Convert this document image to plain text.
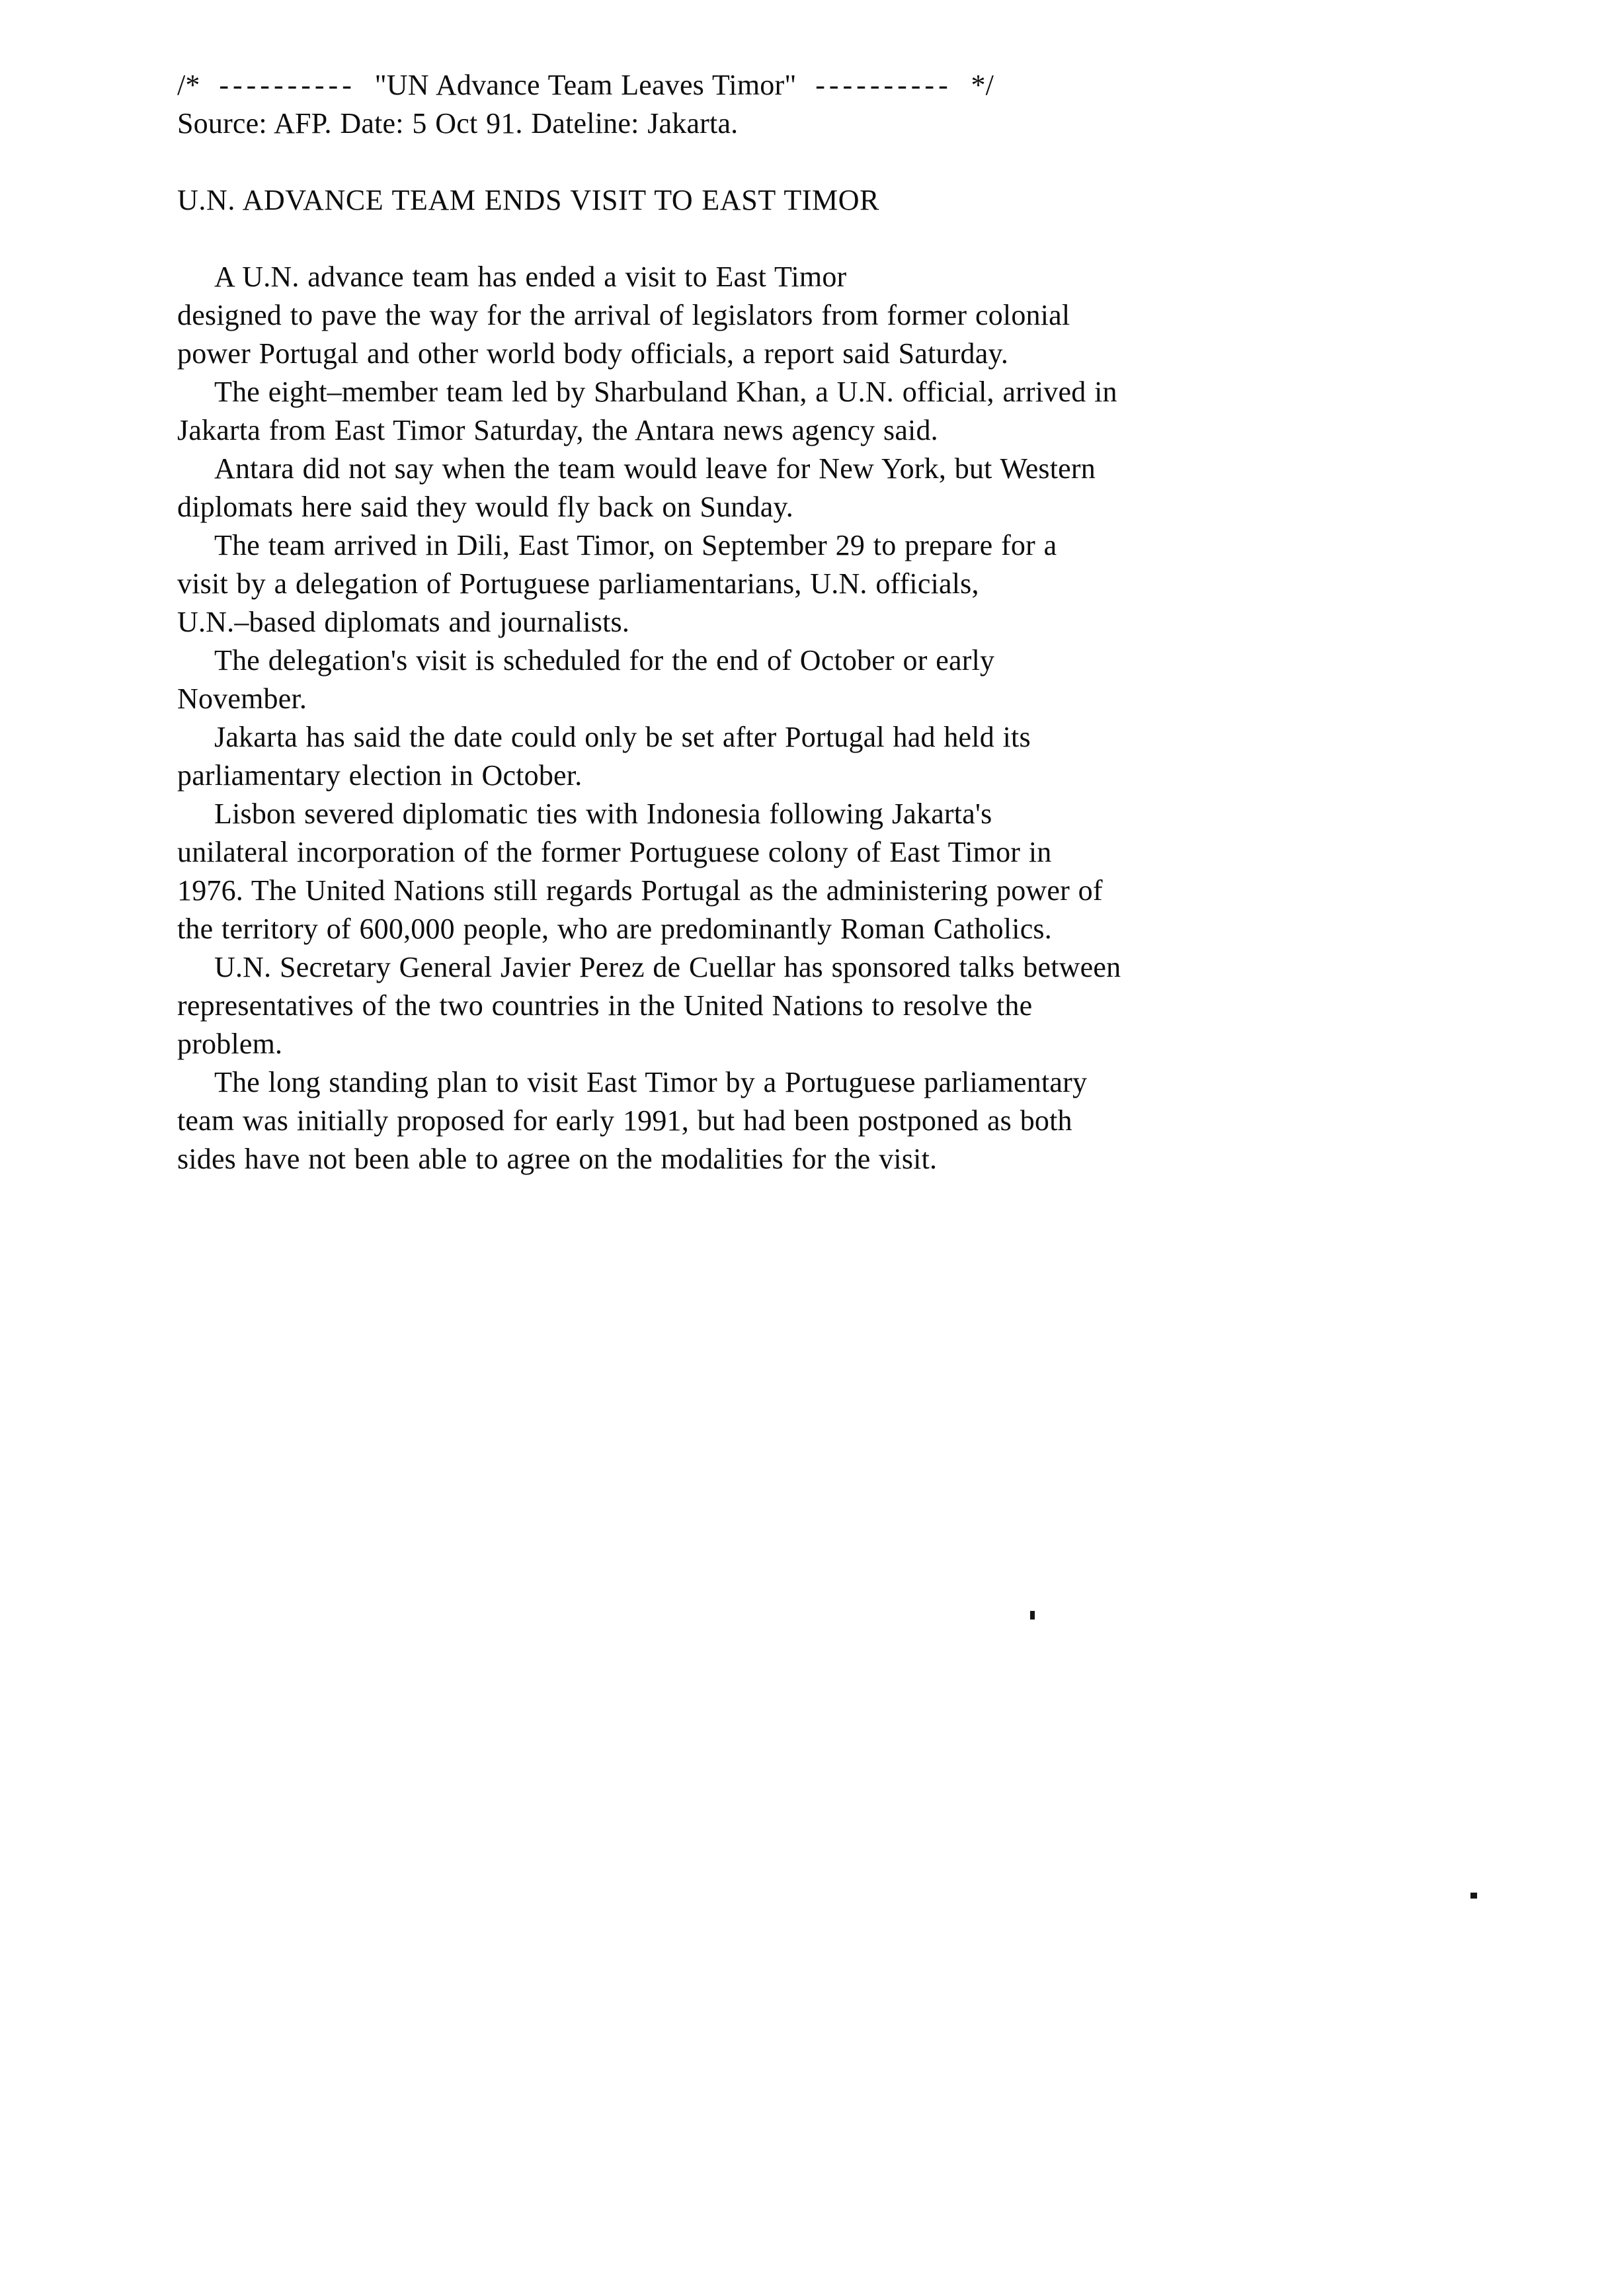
/* ---------- "UN Advance Team Leaves Timor" ---------- */
Source: AFP. Date: 5 Oct 91. Dateline: Jakarta.
U.N. ADVANCE TEAM ENDS VISIT TO EAST TIMOR
A U.N. advance team has ended a visit to East Timor
designed to pave the way for the arrival of legislators from former colonial
power Portugal and other world body officials, a report said Saturday.
The eight–member team led by Sharbuland Khan, a U.N. official, arrived in
Jakarta from East Timor Saturday, the Antara news agency said.
Antara did not say when the team would leave for New York, but Western
diplomats here said they would fly back on Sunday.
The team arrived in Dili, East Timor, on September 29 to prepare for a
visit by a delegation of Portuguese parliamentarians, U.N. officials,
U.N.–based diplomats and journalists.
The delegation's visit is scheduled for the end of October or early
November.
Jakarta has said the date could only be set after Portugal had held its
parliamentary election in October.
Lisbon severed diplomatic ties with Indonesia following Jakarta's
unilateral incorporation of the former Portuguese colony of East Timor in
1976. The United Nations still regards Portugal as the administering power of
the territory of 600,000 people, who are predominantly Roman Catholics.
U.N. Secretary General Javier Perez de Cuellar has sponsored talks between
representatives of the two countries in the United Nations to resolve the
problem.
The long standing plan to visit East Timor by a Portuguese parliamentary
team was initially proposed for early 1991, but had been postponed as both
sides have not been able to agree on the modalities for the visit.
